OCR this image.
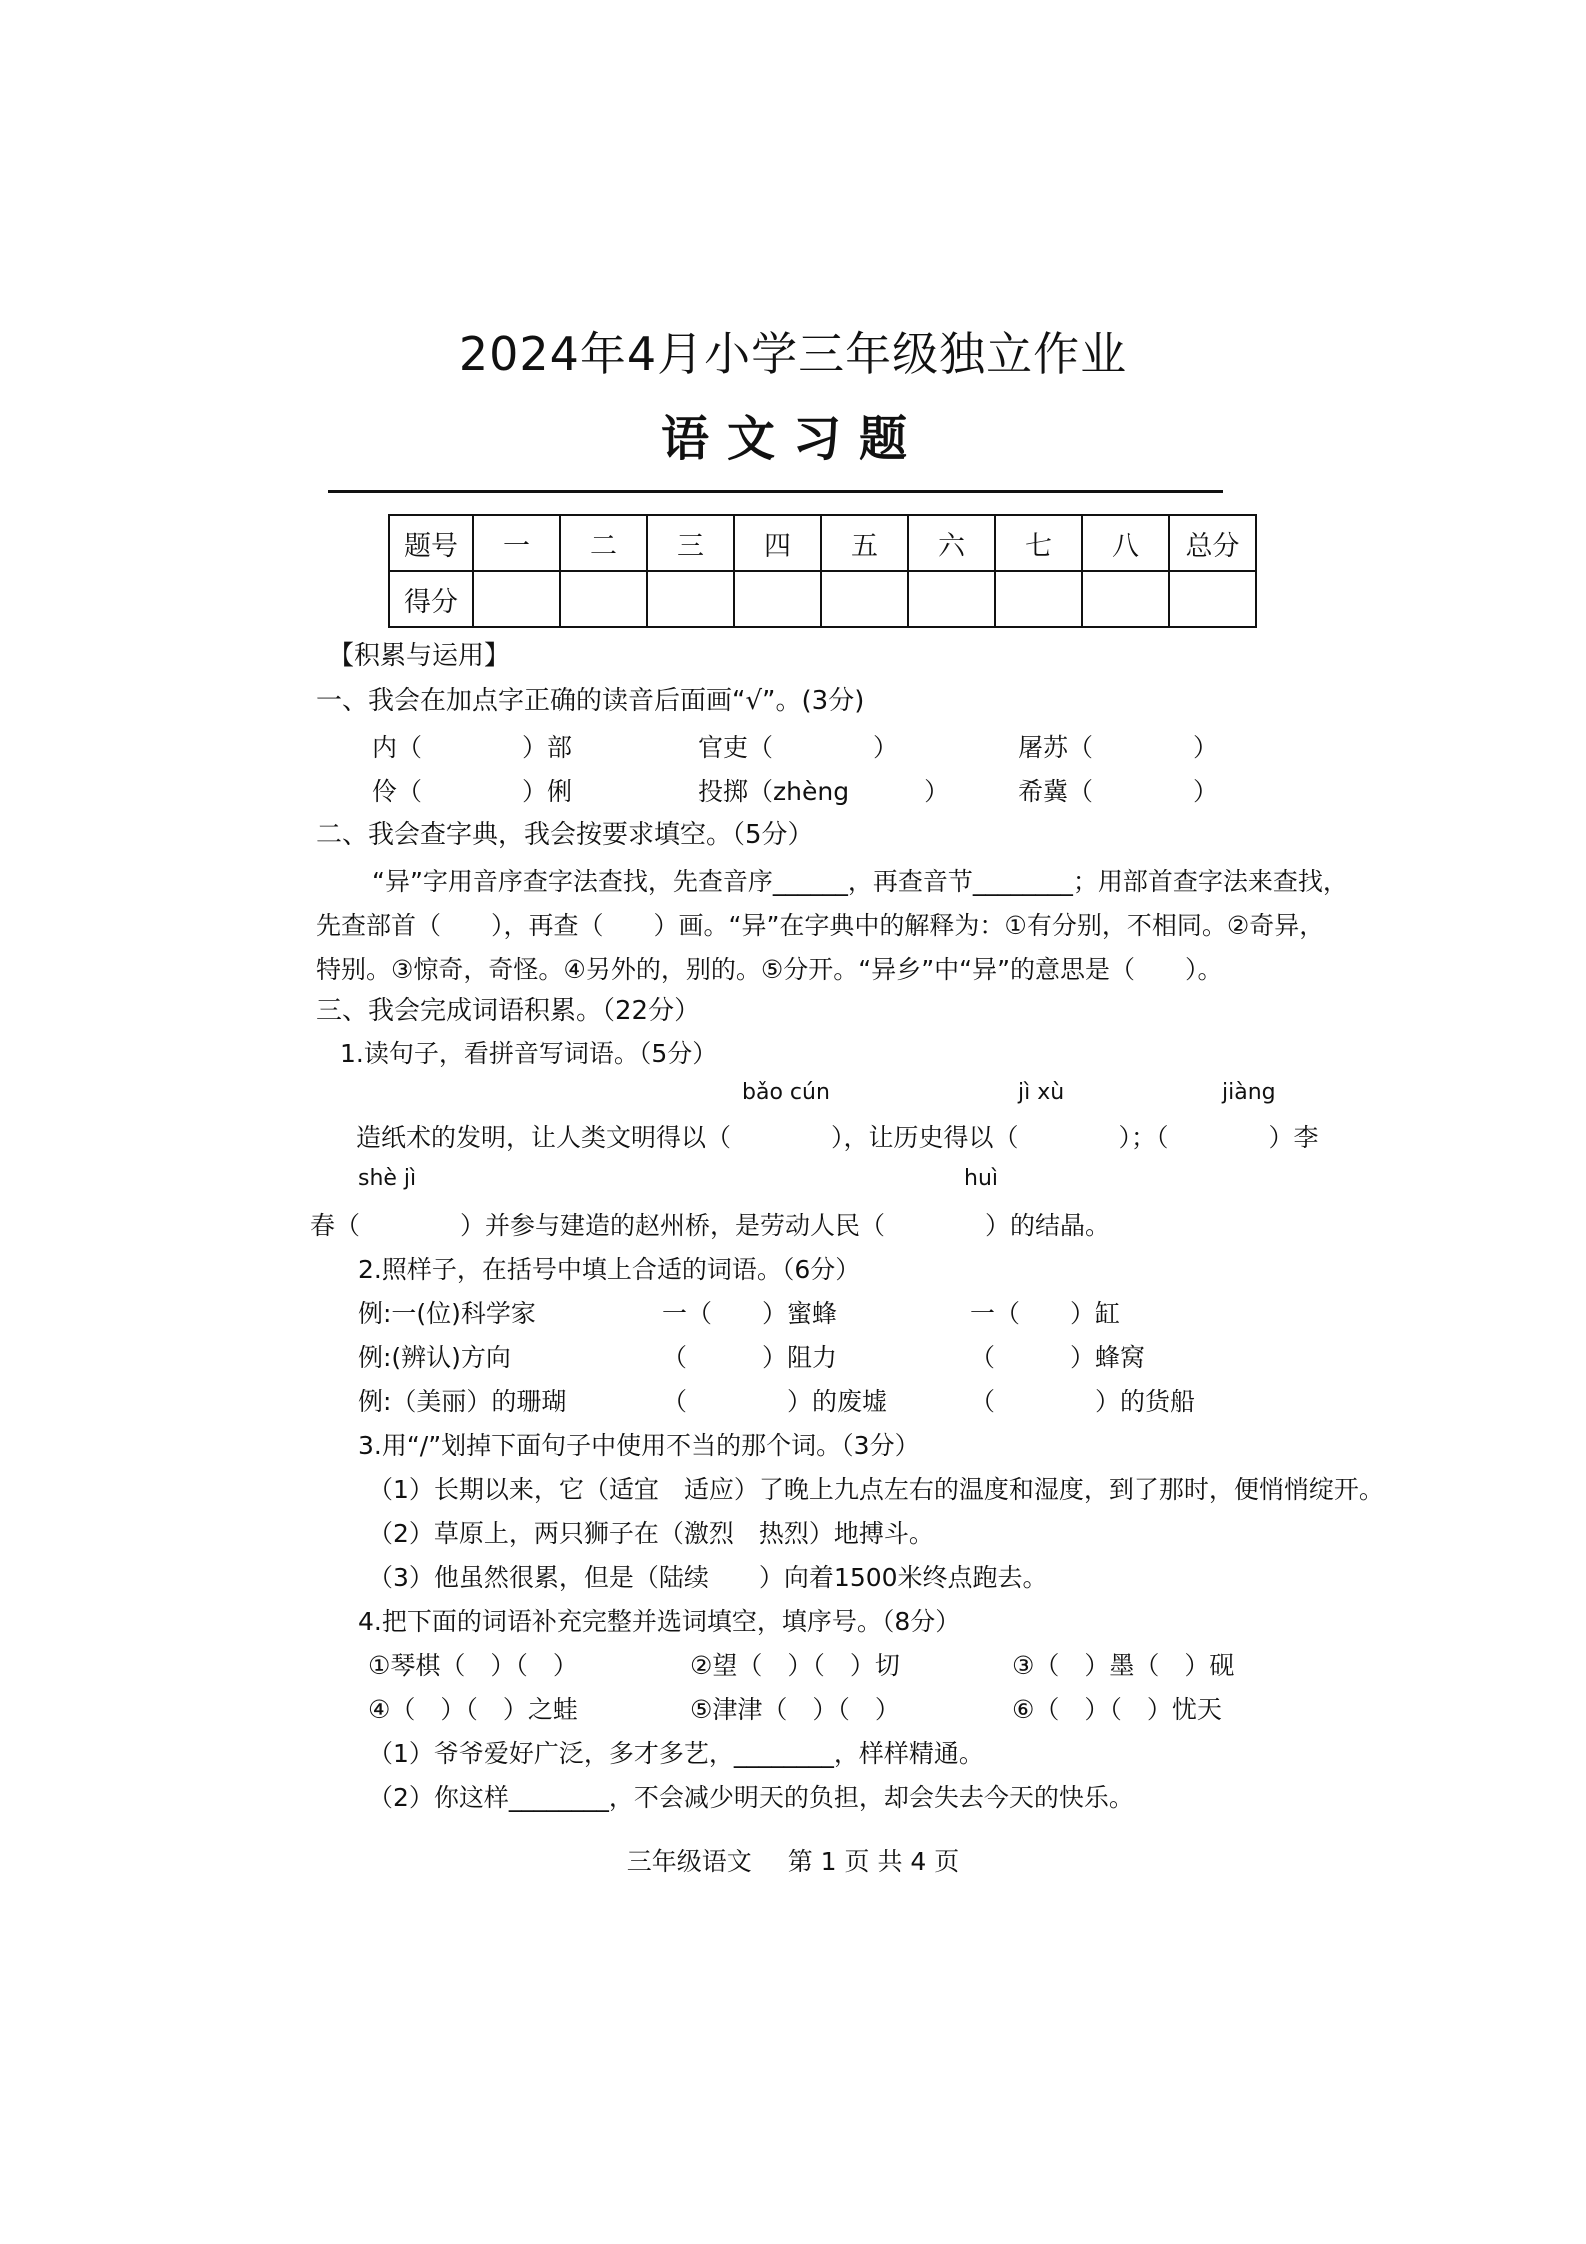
2024年4月小学三年级独立作业
语文习题
题号	一	二	三	四	五	六	七	八	总分
得分									
【积累与运用】
一、我会在加点字正确的读音后面画“√”。(3分)
内（　　　　）部	官吏（　　　　）	屠苏（　　　　）
伶（　　　　）俐	投掷（zhèng　　　）	希冀（　　　　）
二、我会查字典，我会按要求填空。（5分）
“异”字用音序查字法查找，先查音序______，再查音节________；用部首查字法来查找，
先查部首（　　），再查（　　）画。“异”在字典中的解释为：①有分别，不相同。②奇异，
特别。③惊奇，奇怪。④另外的，别的。⑤分开。“异乡”中“异”的意思是（　　）。
三、我会完成词语积累。（22分）
1.读句子，看拼音写词语。（5分）
bǎo cún	jì xù	jiàng
造纸术的发明，让人类文明得以（　　　　），让历史得以（　　　　）；（　　　　）李
shè jì	huì
春（　　　　）并参与建造的赵州桥，是劳动人民（　　　　）的结晶。
2.照样子，在括号中填上合适的词语。（6分）
例:一(位)科学家	一（　　）蜜蜂	一（　　）缸
例:(辨认)方向	（　　　）阻力	（　　　）蜂窝
例:（美丽）的珊瑚	（　　　　）的废墟	（　　　　）的货船
3.用“/”划掉下面句子中使用不当的那个词。（3分）
（1）长期以来，它（适宜　适应）了晚上九点左右的温度和湿度，到了那时，便悄悄绽开。
（2）草原上，两只狮子在（激烈　热烈）地搏斗。
（3）他虽然很累，但是（陆续　　）向着1500米终点跑去。
4.把下面的词语补充完整并选词填空，填序号。（8分）
①琴棋（　）（　）	②望（　）（　）切	③（　）墨（　）砚
④（　）（　）之蛙	⑤津津（　）（　）	⑥（　）（　）忧天
（1）爷爷爱好广泛，多才多艺，________，样样精通。
（2）你这样________，不会减少明天的负担，却会失去今天的快乐。
三年级语文 第 1 页 共 4 页
